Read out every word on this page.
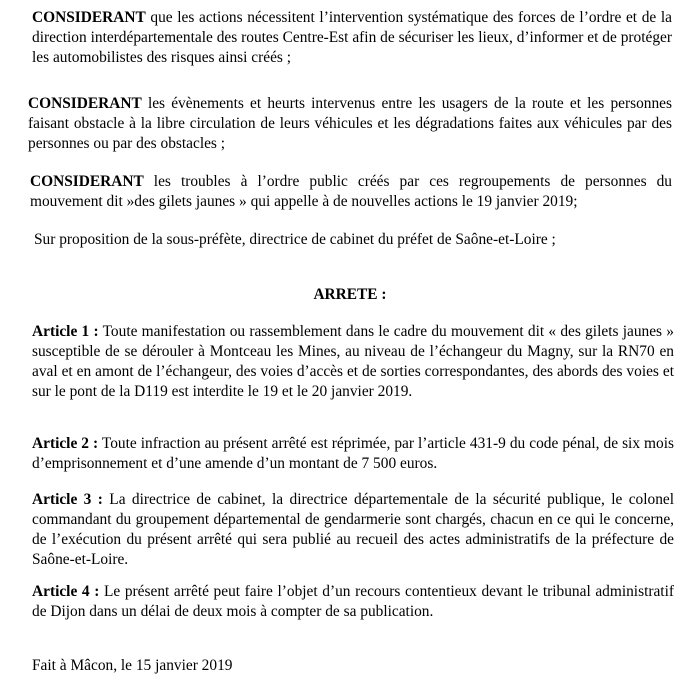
CONSIDERANT que les actions nécessitent l’intervention systématique des forces de l’ordre et de la direction interdépartementale des routes Centre-Est afin de sécuriser les lieux, d’informer et de protéger les automobilistes des risques ainsi créés ;

CONSIDERANT les évènements et heurts intervenus entre les usagers de la route et les personnes faisant obstacle à la libre circulation de leurs véhicules et les dégradations faites aux véhicules par des personnes ou par des obstacles ;

CONSIDERANT les troubles à l’ordre public créés par ces regroupements de personnes du mouvement dit »des gilets jaunes » qui appelle à de nouvelles actions le 19 janvier 2019;

Sur proposition de la sous-préfète, directrice de cabinet du préfet de Saône-et-Loire ;

ARRETE :

Article 1 : Toute manifestation ou rassemblement dans le cadre du mouvement dit « des gilets jaunes » susceptible de se dérouler à Montceau les Mines, au niveau de l’échangeur du Magny, sur la RN70 en aval et en amont de l’échangeur, des voies d’accès et de sorties correspondantes, des abords des voies et sur le pont de la D119 est interdite le 19 et le 20 janvier 2019.

Article 2 : Toute infraction au présent arrêté est réprimée, par l’article 431-9 du code pénal, de six mois d’emprisonnement et d’une amende d’un montant de 7 500 euros.

Article 3 : La directrice de cabinet, la directrice départementale de la sécurité publique, le colonel commandant du groupement départemental de gendarmerie sont chargés, chacun en ce qui le concerne, de l’exécution du présent arrêté qui sera publié au recueil des actes administratifs de la préfecture de Saône-et-Loire.

Article 4 : Le présent arrêté peut faire l’objet d’un recours contentieux devant le tribunal administratif de Dijon dans un délai de deux mois à compter de sa publication.

Fait à Mâcon, le 15 janvier 2019
